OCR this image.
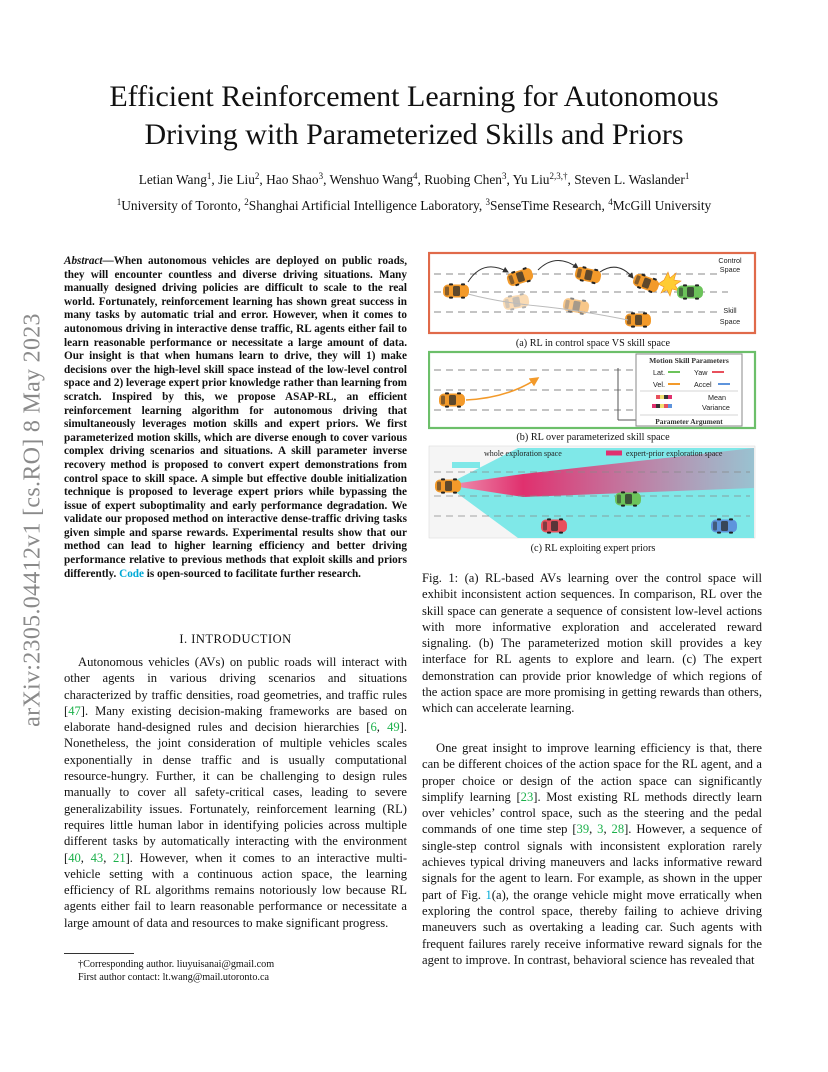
arXiv:2305.04412v1 [cs.RO] 8 May 2023
Efficient Reinforcement Learning for Autonomous
Driving with Parameterized Skills and Priors
Letian Wang$^1$, Jie Liu$^2$, Hao Shao$^3$, Wenshuo Wang$^4$, Ruobing Chen$^3$, Yu Liu$^{2,3,\dagger}$, Steven L. Waslander$^1$
$^1$University of Toronto, $^2$Shanghai Artificial Intelligence Laboratory, $^3$SenseTime Research, $^4$McGill University
Abstract—When autonomous vehicles are deployed on public roads, they will encounter countless and diverse driving situations. Many manually designed driving policies are difficult to scale to the real world. Fortunately, reinforcement learning has shown great success in many tasks by automatic trial and error. However, when it comes to autonomous driving in interactive dense traffic, RL agents either fail to learn reasonable performance or necessitate a large amount of data. Our insight is that when humans learn to drive, they will 1) make decisions over the high-level skill space instead of the low-level control space and 2) leverage expert prior knowledge rather than learning from scratch. Inspired by this, we propose ASAP-RL, an efficient reinforcement learning algorithm for autonomous driving that simultaneously leverages motion skills and expert priors. We first parameterized motion skills, which are diverse enough to cover various complex driving scenarios and situations. A skill parameter inverse recovery method is proposed to convert expert demonstrations from control space to skill space. A simple but effective double initialization technique is proposed to leverage expert priors while bypassing the issue of expert suboptimality and early performance degradation. We validate our proposed method on interactive dense-traffic driving tasks given simple and sparse rewards. Experimental results show that our method can lead to higher learning efficiency and better driving performance relative to previous methods that exploit skills and priors differently. Code is open-sourced to facilitate further research.
I. INTRODUCTION
Autonomous vehicles (AVs) on public roads will interact with other agents in various driving scenarios and situations characterized by traffic densities, road geometries, and traffic rules [47]. Many existing decision-making frameworks are based on elaborate hand-designed rules and decision hierarchies [6, 49]. Nonetheless, the joint consideration of multiple vehicles scales exponentially in dense traffic and is usually computational resource-hungry. Further, it can be challenging to design rules manually to cover all safety-critical cases, leading to severe generalizability issues. Fortunately, reinforcement learning (RL) requires little human labor in identifying policies across multiple different tasks by automatically interacting with the environment [40, 43, 21]. However, when it comes to an interactive multi-vehicle setting with a continuous action space, the learning efficiency of RL algorithms remains notoriously low because RL agents either fail to learn reasonable performance or necessitate a large amount of data and resources to make significant progress.
†Corresponding author. liuyuisanai@gmail.com
First author contact: lt.wang@mail.utoronto.ca
Control
Space
Skill
Space
(a) RL in control space VS skill space
Motion Skill Parameters
Lat.	Yaw
Vel.	Accel
Mean
Variance
Parameter Argument
(b) RL over parameterized skill space
whole exploration space	expert-prior exploration space
(c) RL exploiting expert priors
Fig. 1: (a) RL-based AVs learning over the control space will exhibit inconsistent action sequences. In comparison, RL over the skill space can generate a sequence of consistent low-level actions with more informative exploration and accelerated reward signaling. (b) The parameterized motion skill provides a key interface for RL agents to explore and learn. (c) The expert demonstration can provide prior knowledge of which regions of the action space are more promising in getting rewards than others, which can accelerate learning.
One great insight to improve learning efficiency is that, there can be different choices of the action space for the RL agent, and a proper choice or design of the action space can significantly simplify learning [23]. Most existing RL methods directly learn over vehicles’ control space, such as the steering and the pedal commands of one time step [39, 3, 28]. However, a sequence of single-step control signals with inconsistent exploration rarely achieves typical driving maneuvers and lacks informative reward signals for the agent to learn. For example, as shown in the upper part of Fig. 1(a), the orange vehicle might move erratically when exploring the control space, thereby failing to achieve driving maneuvers such as overtaking a leading car. Such agents with frequent failures rarely receive informative reward signals for the agent to improve. In contrast, behavioral science has revealed that
